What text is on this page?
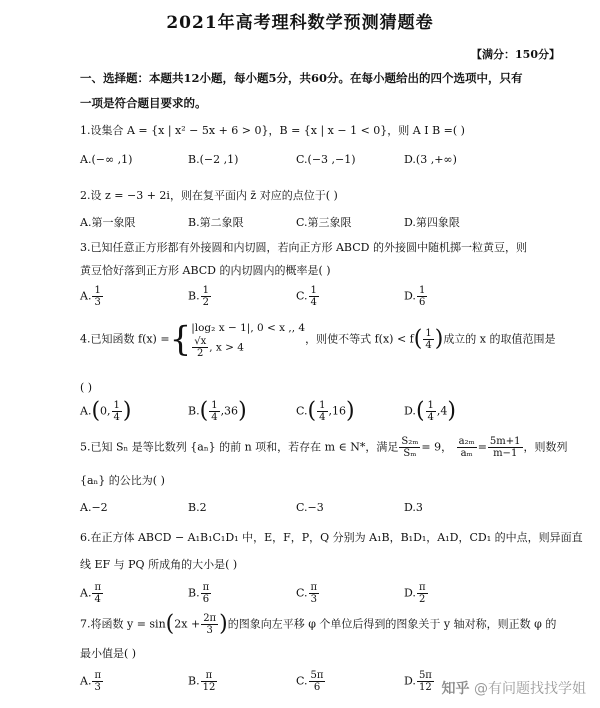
2021年高考理科数学预测猜题卷
【满分：150分】
一、选择题：本题共12小题，每小题5分，共60分。在每小题给出的四个选项中，只有
一项是符合题目要求的。
1.设集合 A = {x | x² − 5x + 6 > 0}，B = {x | x − 1 < 0}，则 A I B =( )
A.(−∞ ,1)	B.(−2 ,1)	C.(−3 ,−1)	D.(3 ,+∞)
2.设 z = −3 + 2i，则在复平面内 z̄ 对应的点位于( )
A.第一象限	B.第二象限	C.第三象限	D.第四象限
3.已知任意正方形都有外接圆和内切圆，若向正方形 ABCD 的外接圆中随机掷一粒黄豆，则
黄豆恰好落到正方形 ABCD 的内切圆内的概率是( )
A. $\frac{1}{3}$	B. $\frac{1}{2}$	C. $\frac{1}{4}$	D. $\frac{1}{6}$
4.已知函数 f(x) ={|log₂ x − 1|, 0 < x ,, 4

$\frac{√x}{2}$ , x > 4，则使不等式 $f(x) < f( \frac{1}{4}$ )成立的 x 的取值范围是
( )
A.(0, $\frac{1}{4}$ )	$B.( \frac{1}{4} ,36)$	$C.( \frac{1}{4} ,16)$	$D.( \frac{1}{4} ,4)$
5.已知 Sₙ 是等比数列 {aₙ} 的前 n 项和，若存在 m ∈ N*，满足 $\frac{\text{S₂ₘ}}{\text{Sₘ}} = 9$， $\frac{\text{a₂ₘ}}{\text{aₘ}} = \frac{5m+1}{m-1}$ ，则数列
{aₙ} 的公比为( )
A.−2	B.2	C.−3	D.3
6.在正方体 ABCD − A₁B₁C₁D₁ 中，E，F，P，Q 分别为 A₁B，B₁D₁，A₁D，CD₁ 的中点，则异面直
线 EF 与 PQ 所成角的大小是( )
A. $\frac{\pi}{4}$	B. $\frac{\pi}{6}$	C. $\frac{\pi}{3}$	D. $\frac{\pi}{2}$
7.将函数 $y = \sin(2x + \frac{2\pi}{3}$ )的图象向左平移 φ 个单位后得到的图象关于 y 轴对称，则正数 φ 的
最小值是( )
A. $\frac{\pi}{3}$	B. $\frac{\pi}{12}$	C. $\frac{5\pi}{6}$	D. $\frac{5\pi}{12}$ 知乎 @有问题找找学姐
